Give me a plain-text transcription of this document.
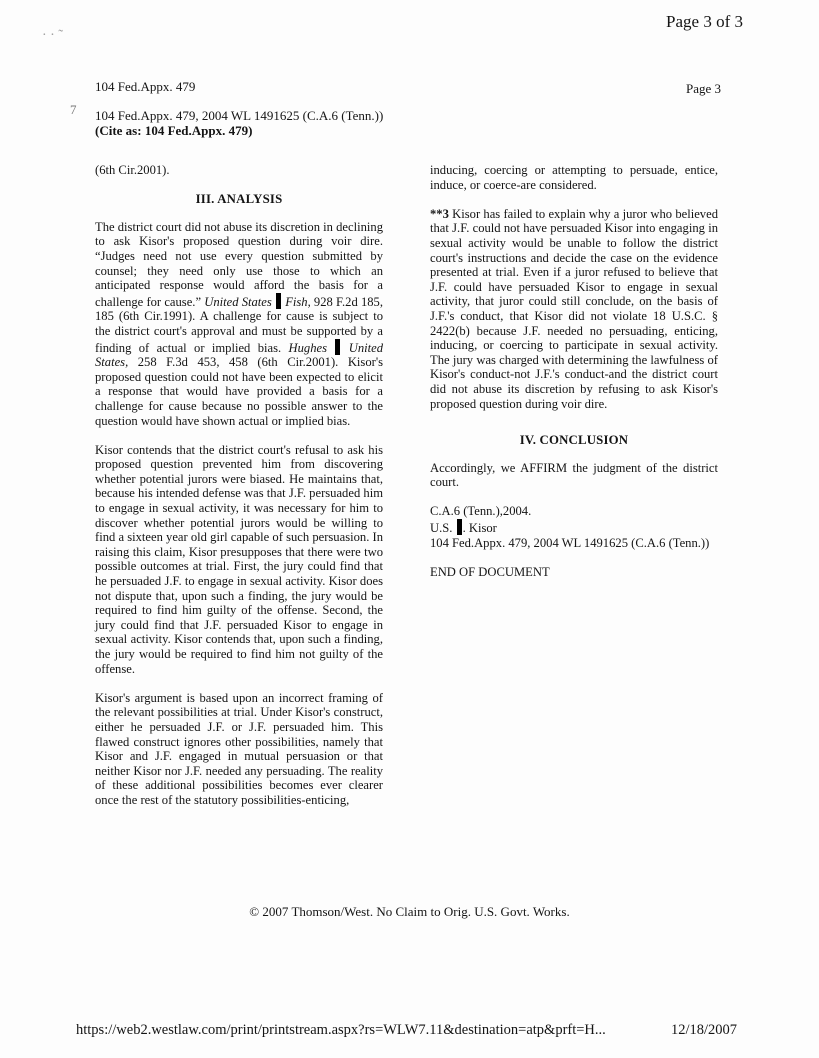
· · ˜
7
Page 3 of 3
104 Fed.Appx. 479	Page 3
104 Fed.Appx. 479, 2004 WL 1491625 (C.A.6 (Tenn.))
(Cite as: 104 Fed.Appx. 479)

(6th Cir.2001).

III. ANALYSIS

The district court did not abuse its discretion in declining to ask Kisor's proposed question during voir dire. “Judges need not use every question submitted by counsel; they need only use those to which an anticipated response would afford the basis for a challenge for cause.” United States  Fish, 928 F.2d 185, 185 (6th Cir.1991). A challenge for cause is subject to the district court's approval and must be supported by a finding of actual or implied bias. Hughes  United States, 258 F.3d 453, 458 (6th Cir.2001). Kisor's proposed question could not have been expected to elicit a response that would have provided a basis for a challenge for cause because no possible answer to the question would have shown actual or implied bias.

Kisor contends that the district court's refusal to ask his proposed question prevented him from discovering whether potential jurors were biased. He maintains that, because his intended defense was that J.F. persuaded him to engage in sexual activity, it was necessary for him to discover whether potential jurors would be willing to find a sixteen year old girl capable of such persuasion. In raising this claim, Kisor presupposes that there were two possible outcomes at trial. First, the jury could find that he persuaded J.F. to engage in sexual activity. Kisor does not dispute that, upon such a finding, the jury would be required to find him guilty of the offense. Second, the jury could find that J.F. persuaded Kisor to engage in sexual activity. Kisor contends that, upon such a finding, the jury would be required to find him not guilty of the offense.

Kisor's argument is based upon an incorrect framing of the relevant possibilities at trial. Under Kisor's construct, either he persuaded J.F. or J.F. persuaded him. This flawed construct ignores other possibilities, namely that Kisor and J.F. engaged in mutual persuasion or that neither Kisor nor J.F. needed any persuading. The reality of these additional possibilities becomes ever clearer once the rest of the statutory possibilities-enticing,

inducing, coercing or attempting to persuade, entice, induce, or coerce-are considered.

**3 Kisor has failed to explain why a juror who believed that J.F. could not have persuaded Kisor into engaging in sexual activity would be unable to follow the district court's instructions and decide the case on the evidence presented at trial. Even if a juror refused to believe that J.F. could have persuaded Kisor to engage in sexual activity, that juror could still conclude, on the basis of J.F.'s conduct, that Kisor did not violate 18 U.S.C. § 2422(b) because J.F. needed no persuading, enticing, inducing, or coercing to participate in sexual activity. The jury was charged with determining the lawfulness of Kisor's conduct-not J.F.'s conduct-and the district court did not abuse its discretion by refusing to ask Kisor's proposed question during voir dire.

IV. CONCLUSION

Accordingly, we AFFIRM the judgment of the district court.

C.A.6 (Tenn.),2004.
U.S. . Kisor
104 Fed.Appx. 479, 2004 WL 1491625 (C.A.6 (Tenn.))

END OF DOCUMENT

© 2007 Thomson/West. No Claim to Orig. U.S. Govt. Works.
https://web2.westlaw.com/print/printstream.aspx?rs=WLW7.11&destination=atp&prft=H...	12/18/2007
